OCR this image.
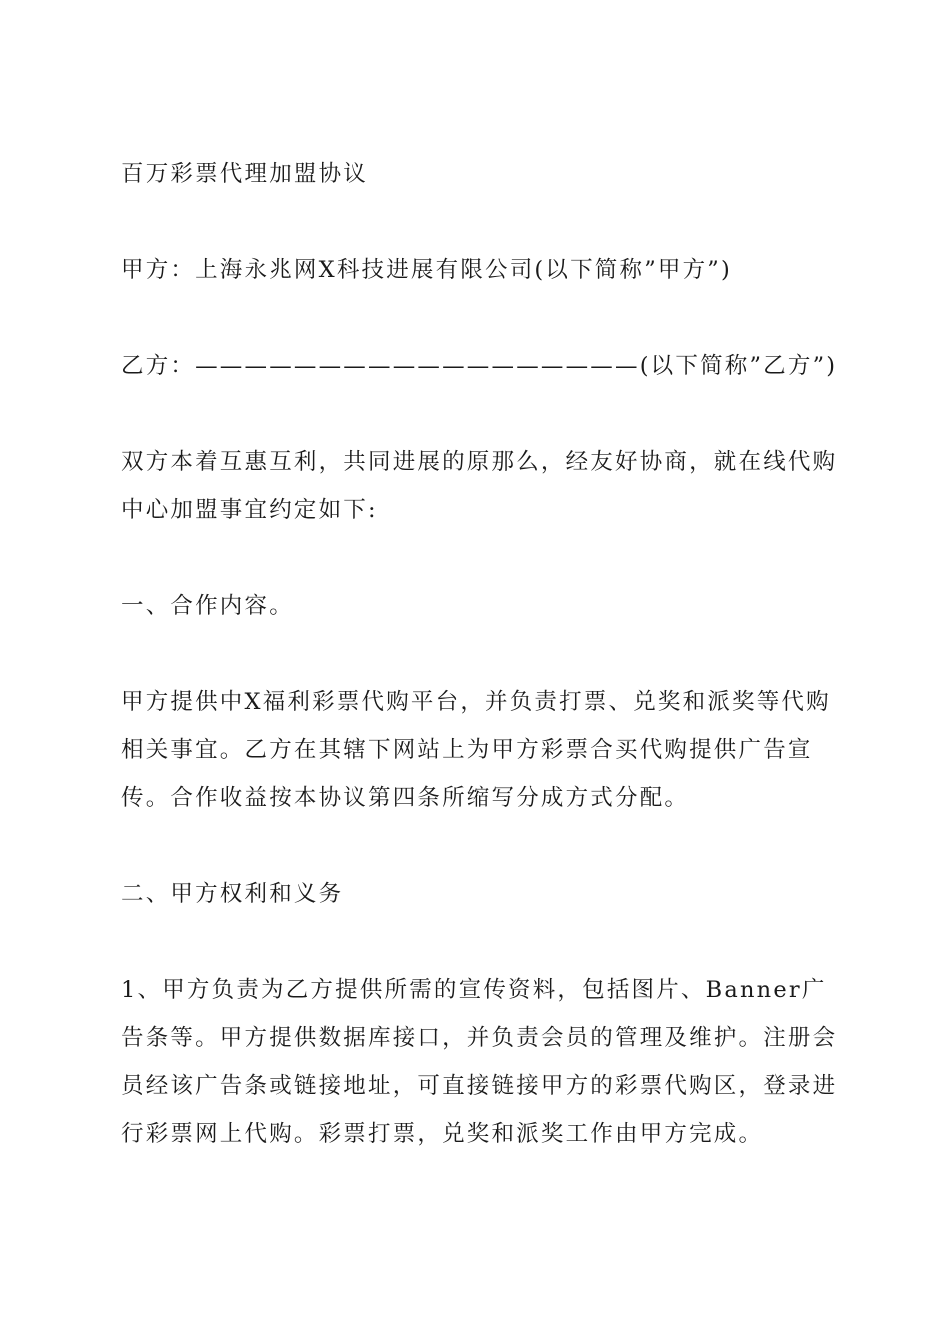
百万彩票代理加盟协议

甲方：上海永兆网X科技进展有限公司(以下简称”甲方”)

乙方：——————————————————(以下简称”乙方”)

双方本着互惠互利，共同进展的原那么，经友好协商，就在线代购中心加盟事宜约定如下:

一、合作内容。

甲方提供中X福利彩票代购平台，并负责打票、兑奖和派奖等代购相关事宜。乙方在其辖下网站上为甲方彩票合买代购提供广告宣传。合作收益按本协议第四条所缩写分成方式分配。

二、甲方权利和义务

1、甲方负责为乙方提供所需的宣传资料，包括图片、Banner广告条等。甲方提供数据库接口，并负责会员的管理及维护。注册会员经该广告条或链接地址，可直接链接甲方的彩票代购区，登录进行彩票网上代购。彩票打票，兑奖和派奖工作由甲方完成。
